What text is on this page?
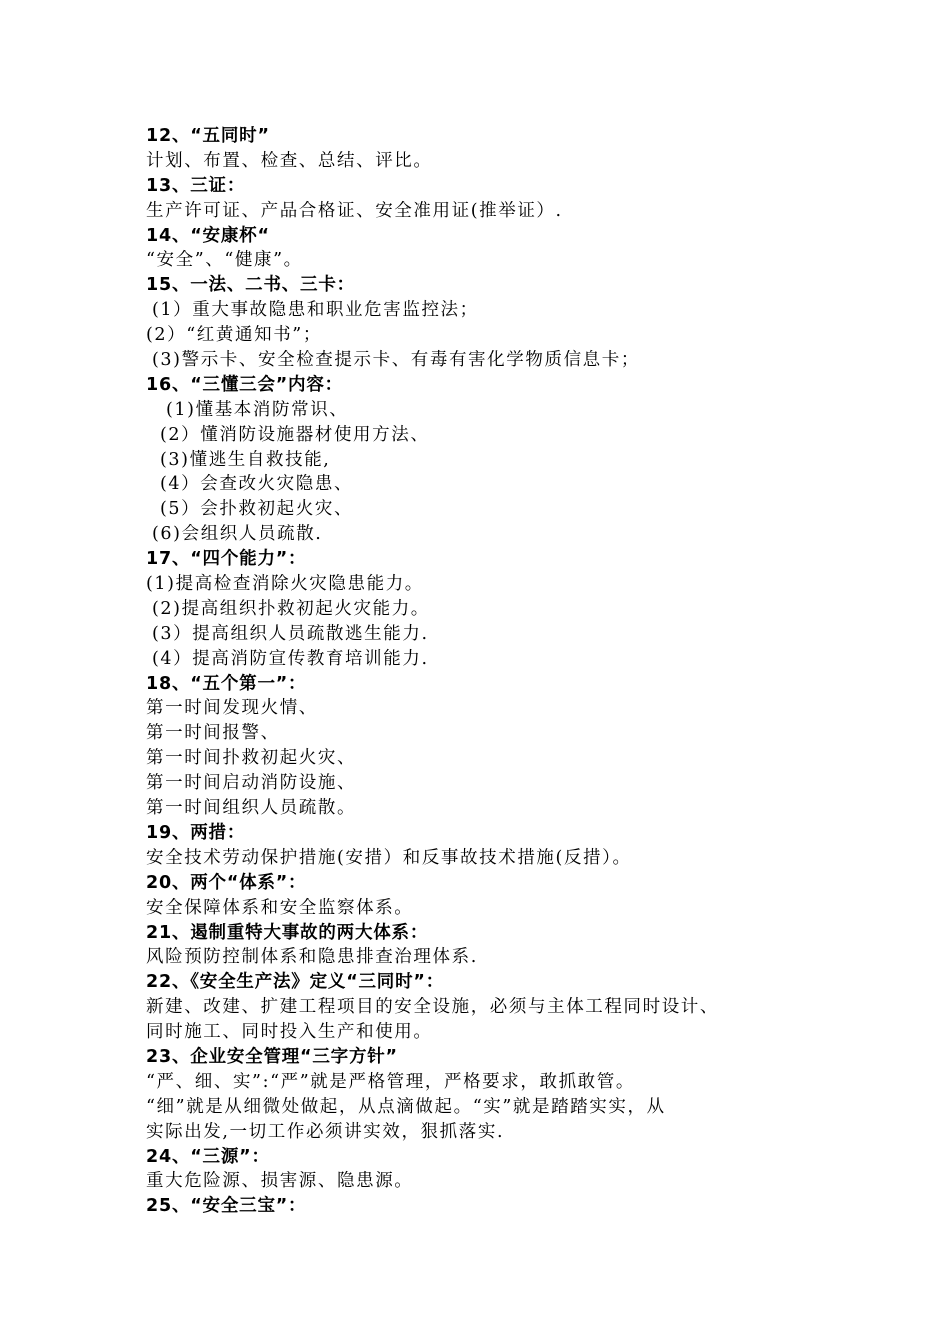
12、“五同时”
计划、布置、检查、总结、评比。
13、三证：
生产许可证、产品合格证、安全准用证(推举证）.
14、“安康杯“
“安全”、“健康”。
15、一法、二书、三卡：
(1）重大事故隐患和职业危害监控法；
(2）“红黄通知书”；
(3)警示卡、安全检查提示卡、有毒有害化学物质信息卡；
16、“三懂三会”内容：
(1)懂基本消防常识、
(2）懂消防设施器材使用方法、
(3)懂逃生自救技能,
(4）会查改火灾隐患、
(5）会扑救初起火灾、
(6)会组织人员疏散.
17、“四个能力”：
(1)提高检查消除火灾隐患能力。
(2)提高组织扑救初起火灾能力。
(3）提高组织人员疏散逃生能力.
(4）提高消防宣传教育培训能力.
18、“五个第一”：
第一时间发现火情、
第一时间报警、
第一时间扑救初起火灾、
第一时间启动消防设施、
第一时间组织人员疏散。
19、两措：
安全技术劳动保护措施(安措）和反事故技术措施(反措）。
20、两个“体系”：
安全保障体系和安全监察体系。
21、遏制重特大事故的两大体系：
风险预防控制体系和隐患排查治理体系.
22、《安全生产法》定义“三同时”：
新建、改建、扩建工程项目的安全设施，必须与主体工程同时设计、
同时施工、同时投入生产和使用。
23、企业安全管理“三字方针”
“严、细、实”:“严”就是严格管理，严格要求，敢抓敢管。
“细”就是从细微处做起，从点滴做起。“实”就是踏踏实实，从
实际出发,一切工作必须讲实效，狠抓落实.
24、“三源”：
重大危险源、损害源、隐患源。
25、“安全三宝”：
